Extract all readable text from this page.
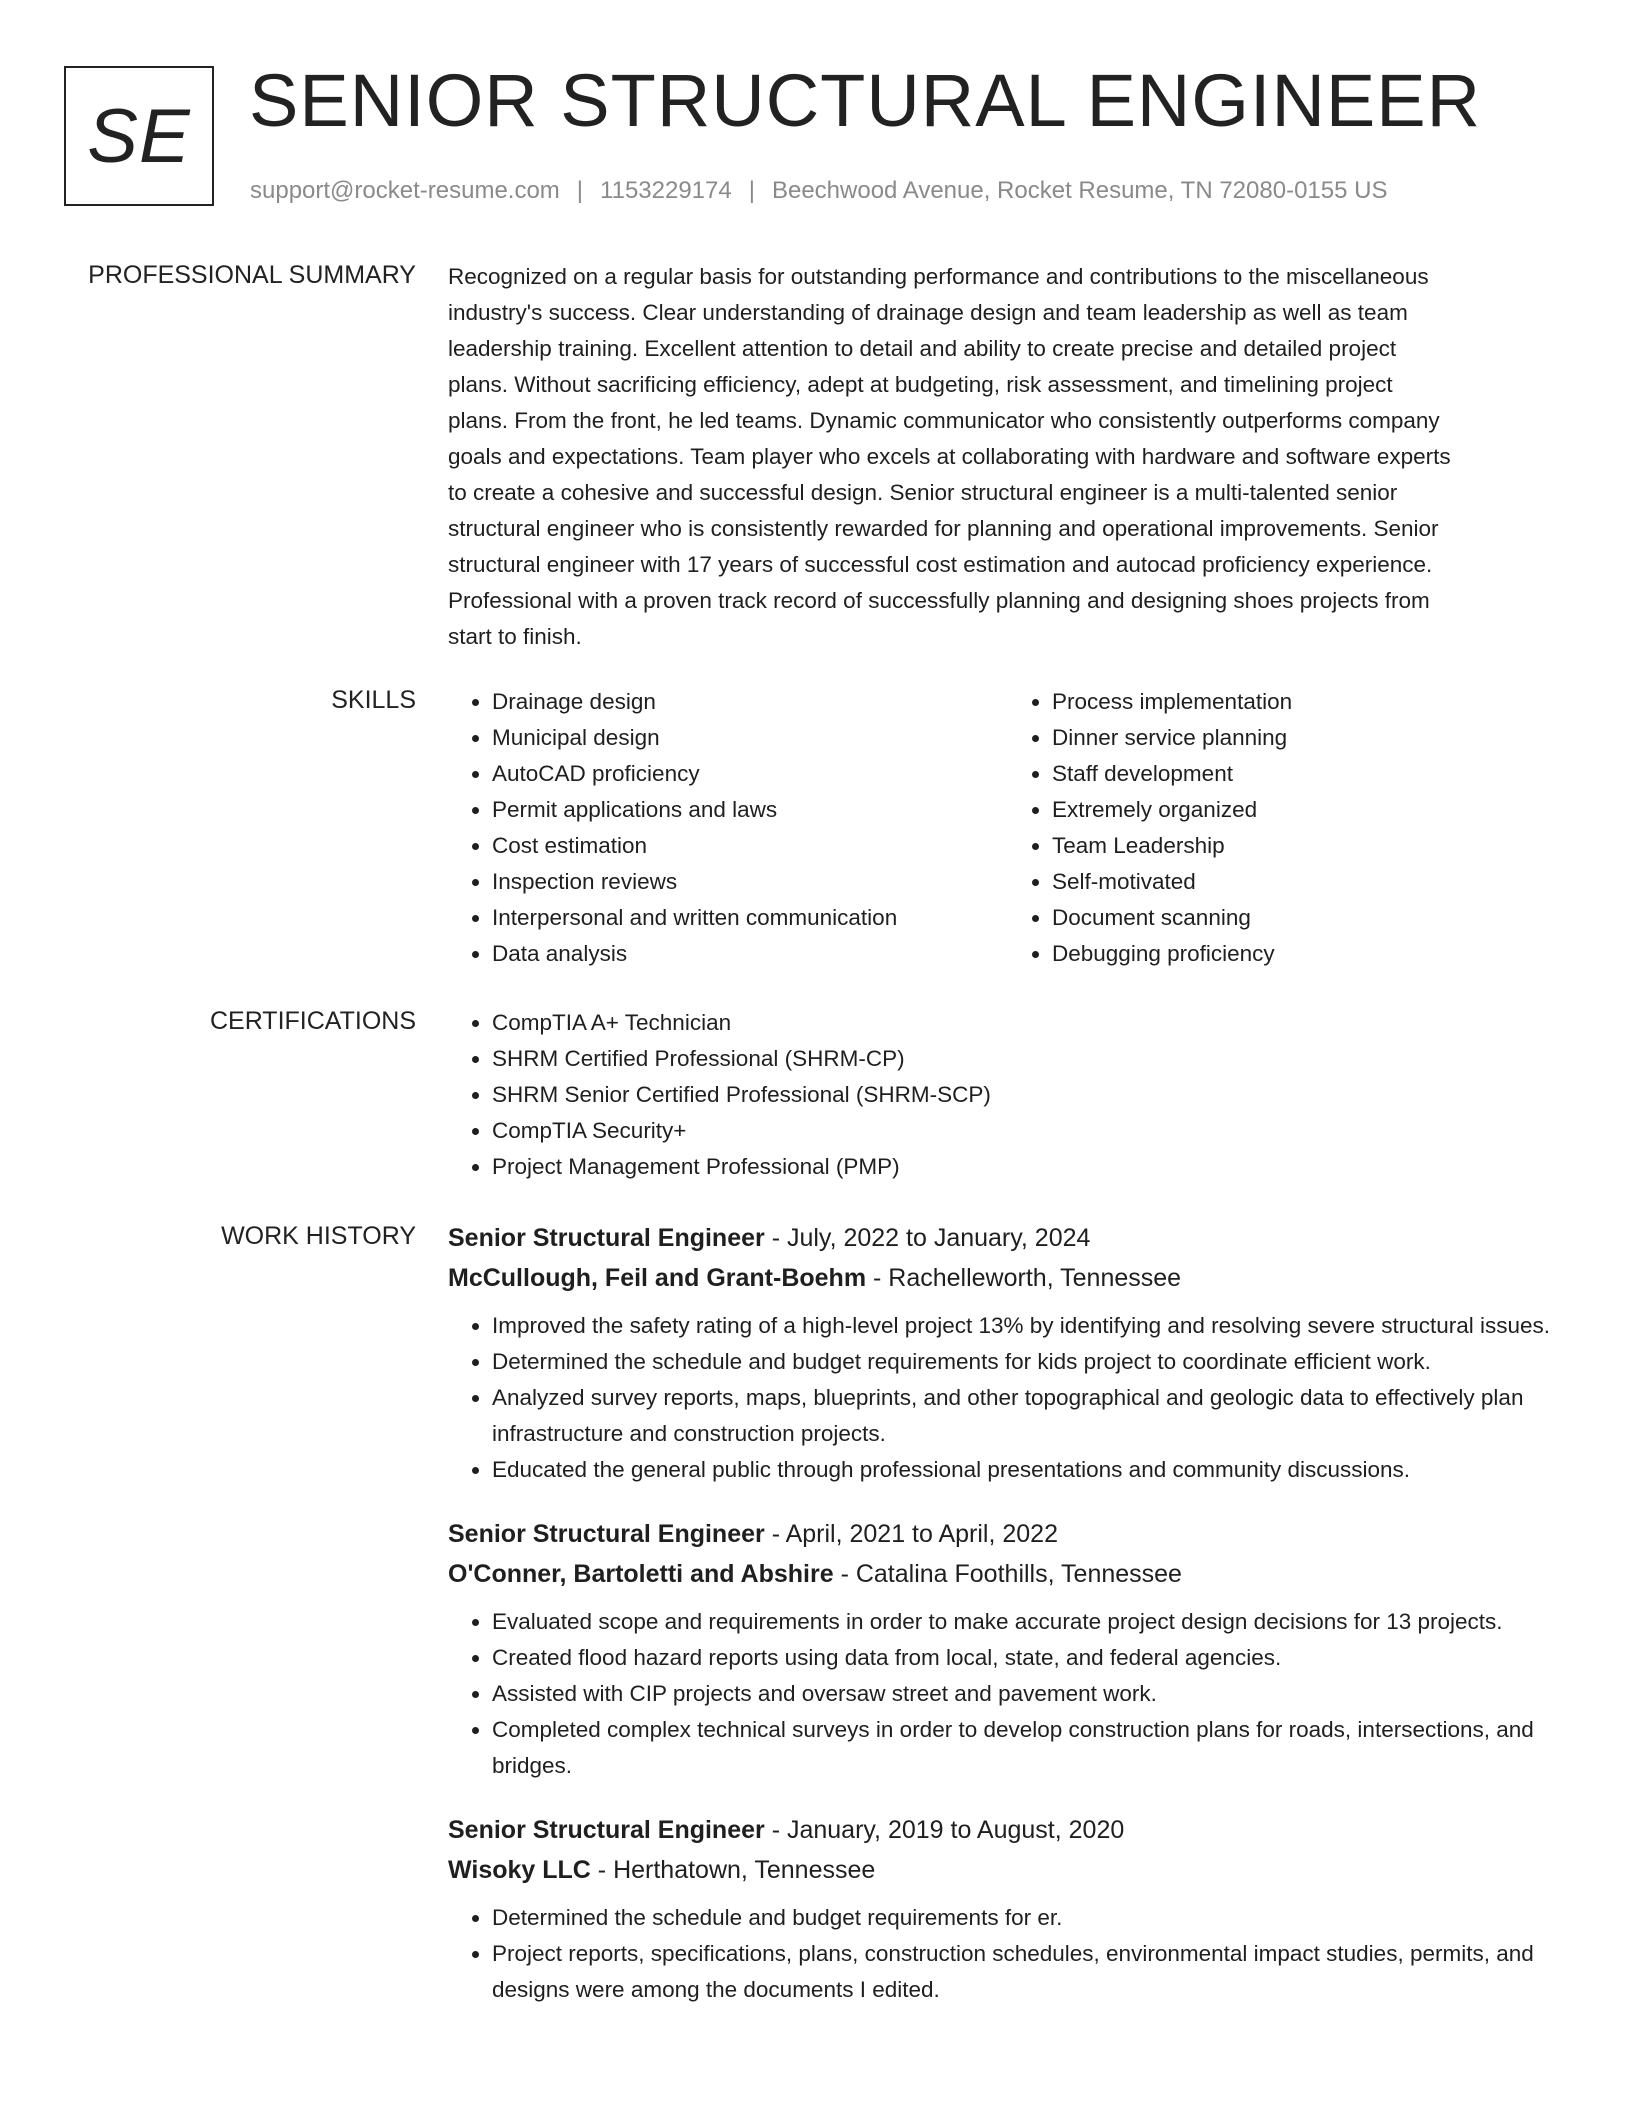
SE SENIOR STRUCTURAL ENGINEER
support@rocket-resume.com | 1153229174 | Beechwood Avenue, Rocket Resume, TN 72080-0155 US
PROFESSIONAL SUMMARY Recognized on a regular basis for outstanding performance and contributions to the miscellaneous
industry's success. Clear understanding of drainage design and team leadership as well as team
leadership training. Excellent attention to detail and ability to create precise and detailed project
plans. Without sacrificing efficiency, adept at budgeting, risk assessment, and timelining project
plans. From the front, he led teams. Dynamic communicator who consistently outperforms company
goals and expectations. Team player who excels at collaborating with hardware and software experts
to create a cohesive and successful design. Senior structural engineer is a multi-talented senior
structural engineer who is consistently rewarded for planning and operational improvements. Senior
structural engineer with 17 years of successful cost estimation and autocad proficiency experience.
Professional with a proven track record of successfully planning and designing shoes projects from
start to finish.
SKILLS	• Drainage design
• Municipal design
• AutoCAD proficiency
• Permit applications and laws
• Cost estimation
• Inspection reviews
• Interpersonal and written communication
• Data analysis
• Process implementation
• Dinner service planning
• Staff development
• Extremely organized
• Team Leadership
• Self-motivated
• Document scanning
• Debugging proficiency
CERTIFICATIONS	• CompTIA A+ Technician
• SHRM Certified Professional (SHRM-CP)
• SHRM Senior Certified Professional (SHRM-SCP)
• CompTIA Security+
• Project Management Professional (PMP)
WORK HISTORY Senior Structural Engineer - July, 2022 to January, 2024
McCullough, Feil and Grant-Boehm - Rachelleworth, Tennessee
• Improved the safety rating of a high-level project 13% by identifying and resolving severe structural issues.
• Determined the schedule and budget requirements for kids project to coordinate efficient work.
• Analyzed survey reports, maps, blueprints, and other topographical and geologic data to effectively plan infrastructure and construction projects.
• Educated the general public through professional presentations and community discussions.
Senior Structural Engineer - April, 2021 to April, 2022
O'Conner, Bartoletti and Abshire - Catalina Foothills, Tennessee
• Evaluated scope and requirements in order to make accurate project design decisions for 13 projects.
• Created flood hazard reports using data from local, state, and federal agencies.
• Assisted with CIP projects and oversaw street and pavement work.
• Completed complex technical surveys in order to develop construction plans for roads, intersections, and bridges.
Senior Structural Engineer - January, 2019 to August, 2020
Wisoky LLC - Herthatown, Tennessee
• Determined the schedule and budget requirements for er.
• Project reports, specifications, plans, construction schedules, environmental impact studies, permits, and designs were among the documents I edited.
